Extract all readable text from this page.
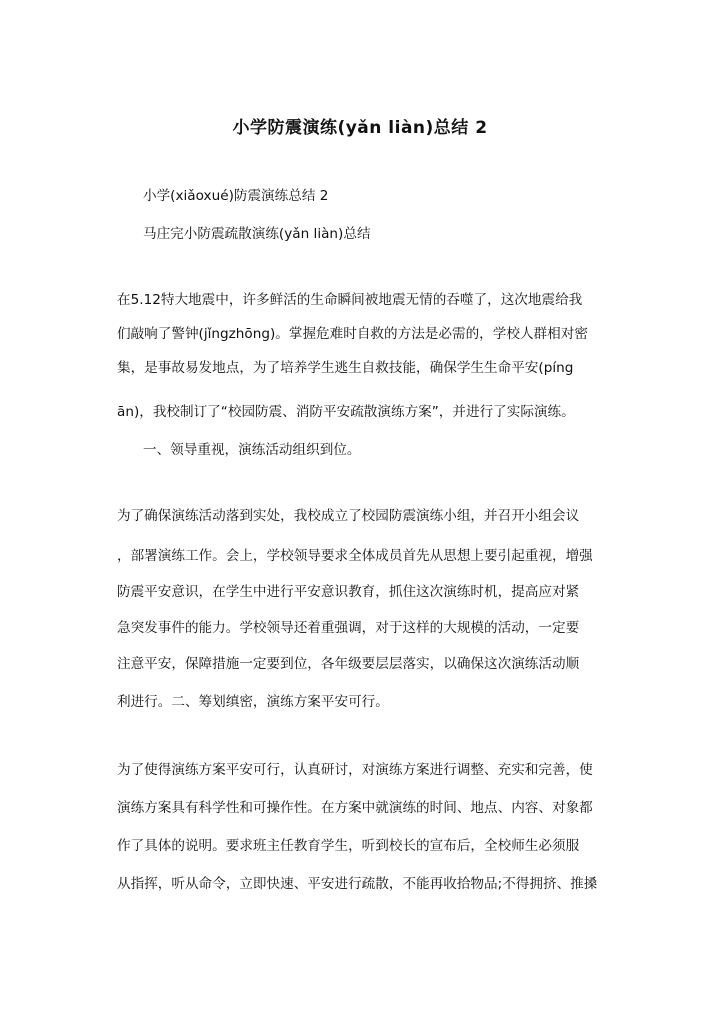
小学防震演练(yǎn liàn)总结 2
小学(xiǎoxué)防震演练总结 2
马庄完小防震疏散演练(yǎn liàn)总结
在5.12特大地震中，许多鲜活的生命瞬间被地震无情的吞噬了，这次地震给我
们敲响了警钟(jǐngzhōng)。掌握危难时自救的方法是必需的，学校人群相对密
集，是事故易发地点，为了培养学生逃生自救技能，确保学生生命平安(píng
ān)，我校制订了“校园防震、消防平安疏散演练方案”，并进行了实际演练。
一、领导重视，演练活动组织到位。
为了确保演练活动落到实处，我校成立了校园防震演练小组，并召开小组会议
，部署演练工作。会上，学校领导要求全体成员首先从思想上要引起重视，增强
防震平安意识，在学生中进行平安意识教育，抓住这次演练时机，提高应对紧
急突发事件的能力。学校领导还着重强调，对于这样的大规模的活动，一定要
注意平安，保障措施一定要到位，各年级要层层落实，以确保这次演练活动顺
利进行。二、筹划缜密，演练方案平安可行。
为了使得演练方案平安可行，认真研讨，对演练方案进行调整、充实和完善，使
演练方案具有科学性和可操作性。在方案中就演练的时间、地点、内容、对象都
作了具体的说明。要求班主任教育学生，听到校长的宣布后，全校师生必须服
从指挥，听从命令，立即快速、平安进行疏散，不能再收拾物品;不得拥挤、推搡
